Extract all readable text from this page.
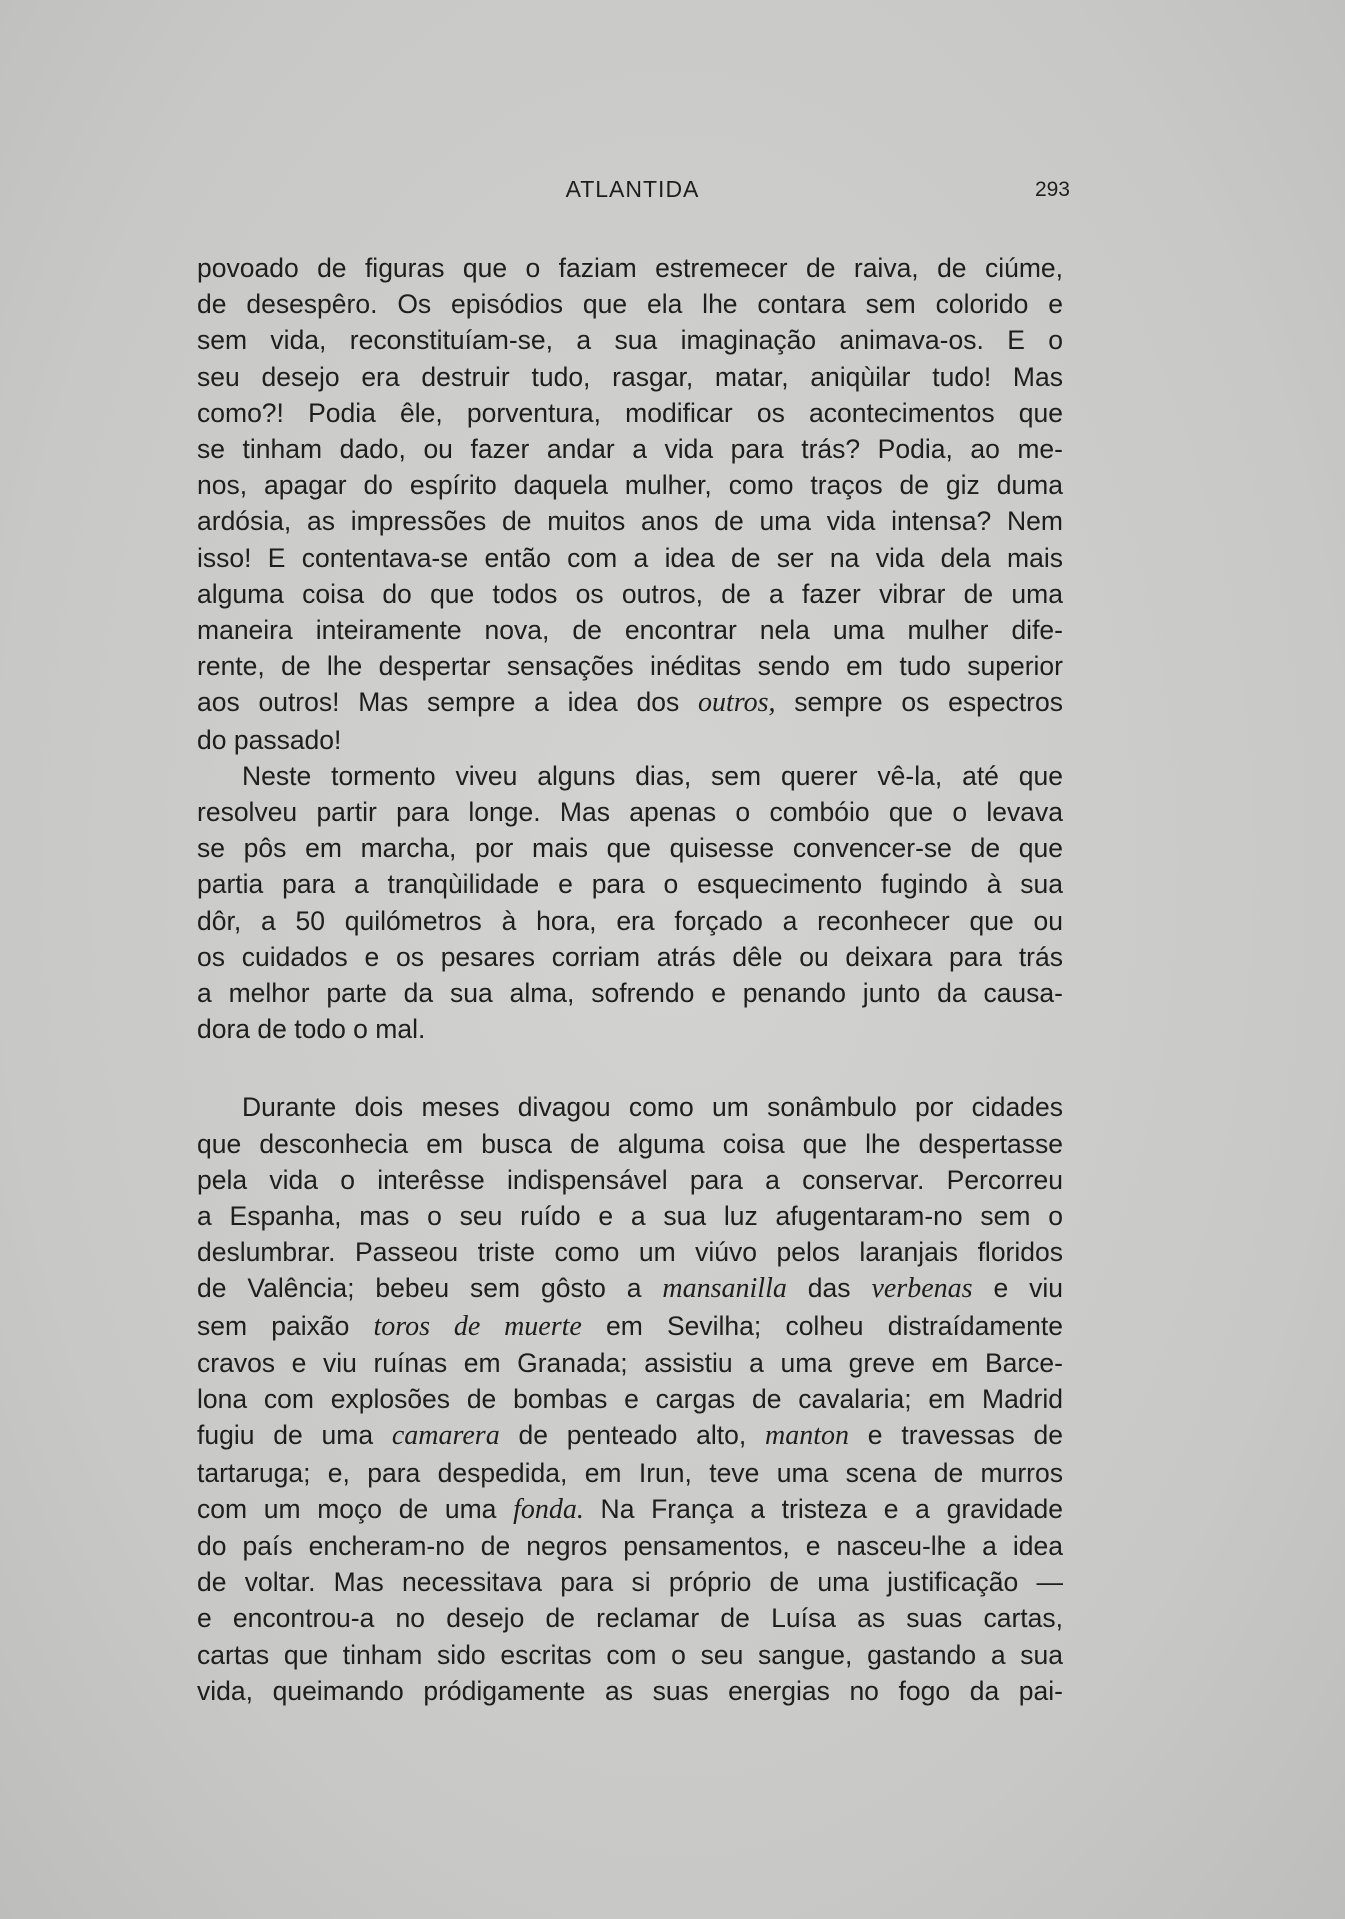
ATLANTIDA	293
povoado de figuras que o faziam estremecer de raiva, de ciúme,
de desespêro. Os episódios que ela lhe contara sem colorido e
sem vida, reconstituíam-se, a sua imaginação animava-os. E o
seu desejo era destruir tudo, rasgar, matar, aniqùilar tudo! Mas
como?! Podia êle, porventura, modificar os acontecimentos que
se tinham dado, ou fazer andar a vida para trás? Podia, ao me-
nos, apagar do espírito daquela mulher, como traços de giz duma
ardósia, as impressões de muitos anos de uma vida intensa? Nem
isso! E contentava-se então com a idea de ser na vida dela mais
alguma coisa do que todos os outros, de a fazer vibrar de uma
maneira inteiramente nova, de encontrar nela uma mulher dife-
rente, de lhe despertar sensações inéditas sendo em tudo superior
aos outros! Mas sempre a idea dos outros, sempre os espectros
do passado!
Neste tormento viveu alguns dias, sem querer vê-la, até que
resolveu partir para longe. Mas apenas o combóio que o levava
se pôs em marcha, por mais que quisesse convencer-se de que
partia para a tranqùilidade e para o esquecimento fugindo à sua
dôr, a 50 quilómetros à hora, era forçado a reconhecer que ou
os cuidados e os pesares corriam atrás dêle ou deixara para trás
a melhor parte da sua alma, sofrendo e penando junto da causa-
dora de todo o mal.
Durante dois meses divagou como um sonâmbulo por cidades
que desconhecia em busca de alguma coisa que lhe despertasse
pela vida o interêsse indispensável para a conservar. Percorreu
a Espanha, mas o seu ruído e a sua luz afugentaram-no sem o
deslumbrar. Passeou triste como um viúvo pelos laranjais floridos
de Valência; bebeu sem gôsto a mansanilla das verbenas e viu
sem paixão toros de muerte em Sevilha; colheu distraídamente
cravos e viu ruínas em Granada; assistiu a uma greve em Barce-
lona com explosões de bombas e cargas de cavalaria; em Madrid
fugiu de uma camarera de penteado alto, manton e travessas de
tartaruga; e, para despedida, em Irun, teve uma scena de murros
com um moço de uma fonda. Na França a tristeza e a gravidade
do país encheram-no de negros pensamentos, e nasceu-lhe a idea
de voltar. Mas necessitava para si próprio de uma justificação —
e encontrou-a no desejo de reclamar de Luísa as suas cartas,
cartas que tinham sido escritas com o seu sangue, gastando a sua
vida, queimando pródigamente as suas energias no fogo da pai-
